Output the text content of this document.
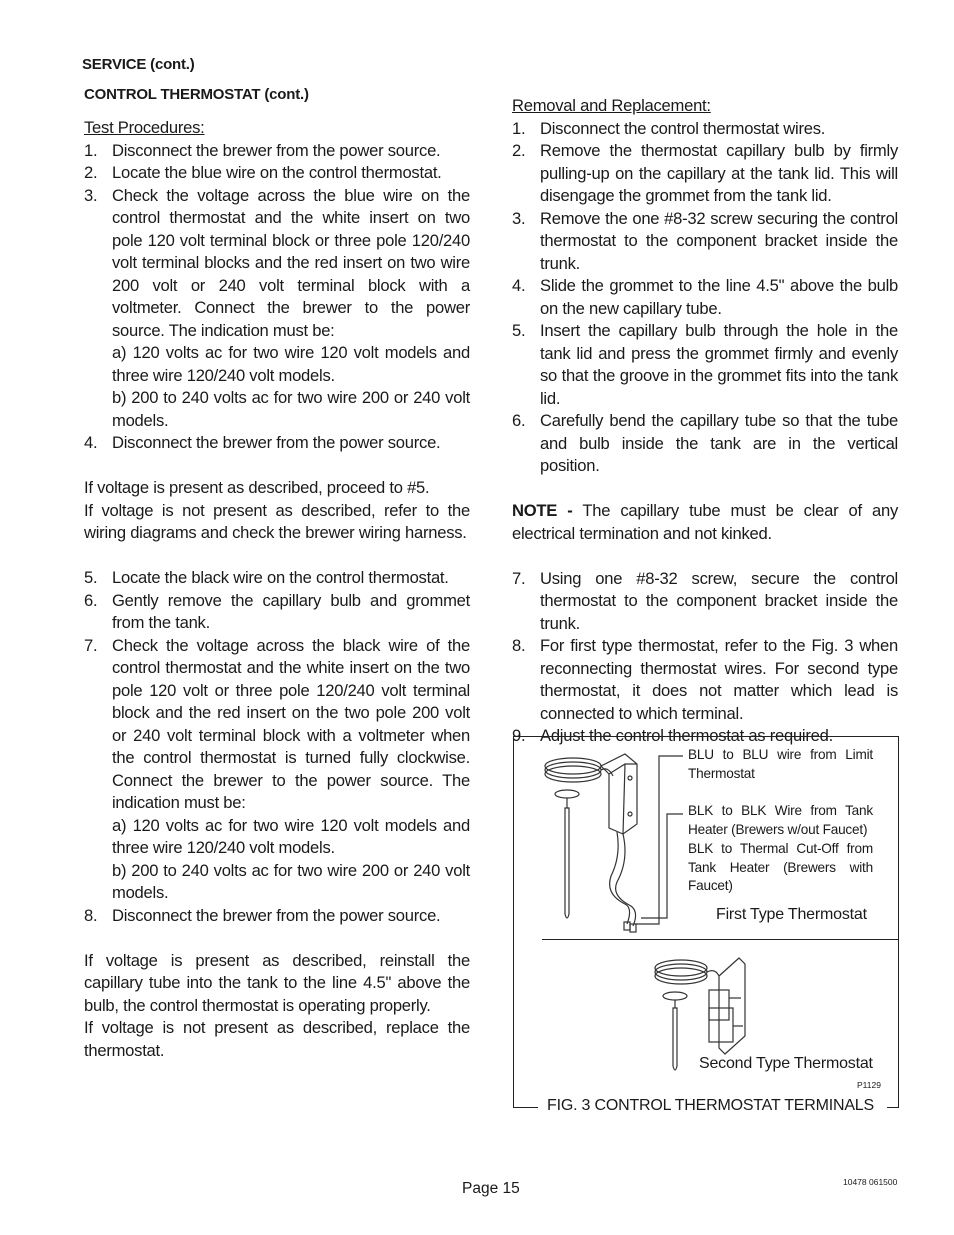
SERVICE (cont.)
CONTROL THERMOSTAT (cont.)
Test Procedures:
1. Disconnect the brewer from the power source.
2. Locate the blue wire on the control thermostat.
3. Check the voltage across the blue wire on the control thermostat and the white insert on two pole 120 volt terminal block or three pole 120/240 volt terminal blocks and the red insert on two wire 200 volt or 240 volt terminal block with a voltmeter. Connect the brewer to the power source. The indication must be:
a) 120 volts ac for two wire 120 volt models and three wire 120/240 volt models.
b) 200 to 240 volts ac for two wire 200 or 240 volt models.
4. Disconnect the brewer from the power source.
If voltage is present as described, proceed to #5.
If voltage is not present as described, refer to the wiring diagrams and check the brewer wiring harness.
5. Locate the black wire on the control thermostat.
6. Gently remove the capillary bulb and grommet from the tank.
7. Check the voltage across the black wire of the control thermostat and the white insert on the two pole 120 volt or three pole 120/240 volt terminal block and the red insert on the two pole 200 volt or 240 volt terminal block with a voltmeter when the control thermostat is turned fully clockwise. Connect the brewer to the power source. The indication must be:
a) 120 volts ac for two wire 120 volt models and three wire 120/240 volt models.
b) 200 to 240 volts ac for two wire 200 or 240 volt models.
8. Disconnect the brewer from the power source.
If voltage is present as described, reinstall the capillary tube into the tank to the line 4.5" above the bulb, the control thermostat is operating properly.
If voltage is not present as described, replace the thermostat.
Removal and Replacement:
1. Disconnect the control thermostat wires.
2. Remove the thermostat capillary bulb by firmly pulling-up on the capillary at the tank lid. This will disengage the grommet from the tank lid.
3. Remove the one #8-32 screw securing the control thermostat to the component bracket inside the trunk.
4. Slide the grommet to the line 4.5" above the bulb on the new capillary tube.
5. Insert the capillary bulb through the hole in the tank lid and press the grommet firmly and evenly so that the groove in the grommet fits into the tank lid.
6. Carefully bend the capillary tube so that the tube and bulb inside the tank are in the vertical position.
NOTE - The capillary tube must be clear of any electrical termination and not kinked.
7. Using one #8-32 screw, secure the control thermostat to the component bracket inside the trunk.
8. For first type thermostat, refer to the Fig. 3 when reconnecting thermostat wires. For second type thermostat, it does not matter which lead is connected to which terminal.
9. Adjust the control thermostat as required.
BLU to BLU wire from Limit Thermostat
BLK to BLK Wire from Tank Heater (Brewers w/out Faucet)
BLK to Thermal Cut-Off from Tank Heater (Brewers with Faucet)
First Type Thermostat
Second Type Thermostat
P1129
FIG. 3 CONTROL THERMOSTAT TERMINALS
Page 15	10478 061500
